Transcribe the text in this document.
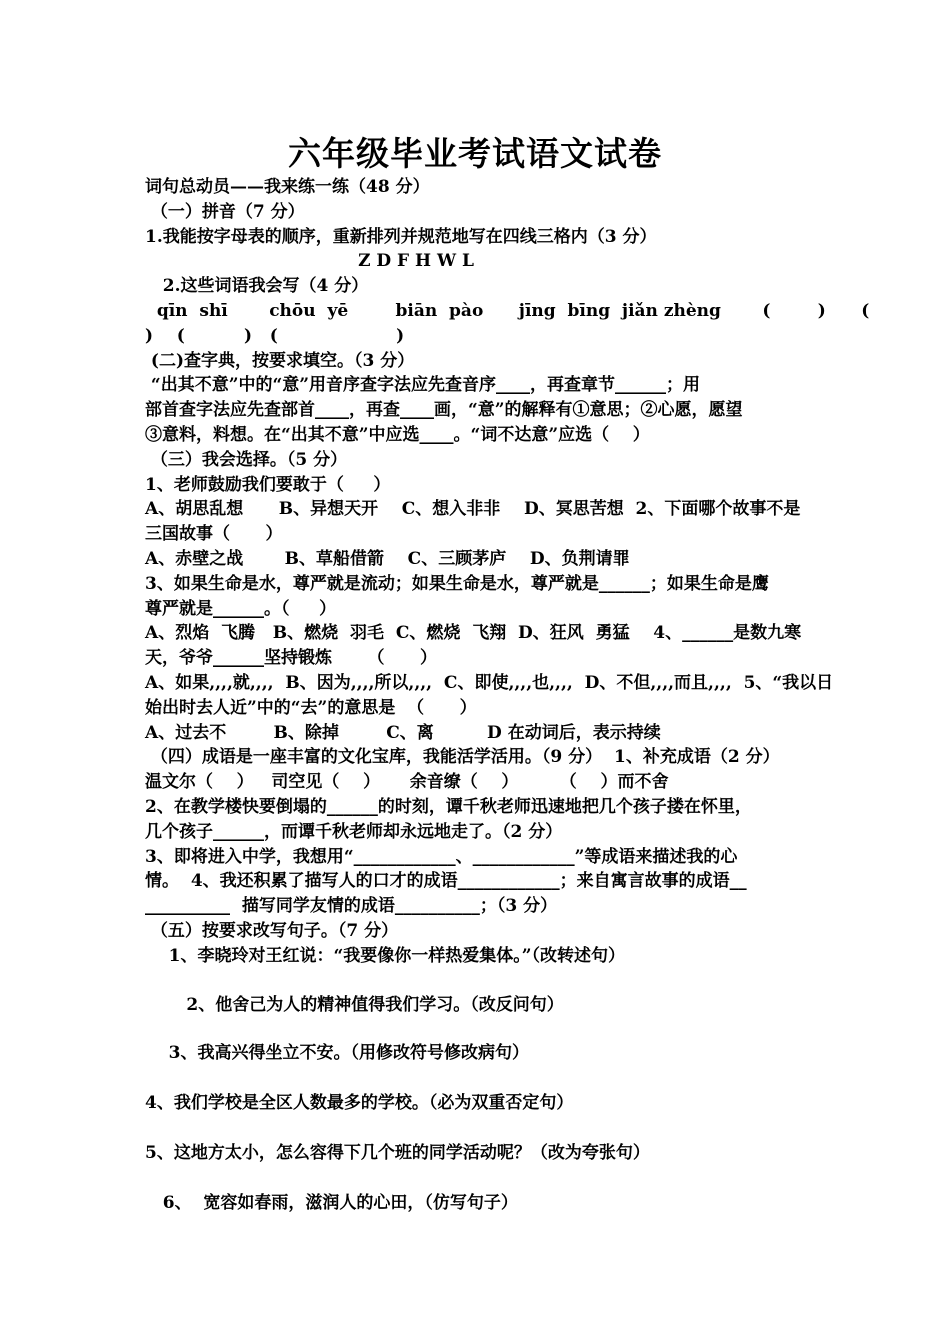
六年级毕业考试语文试卷
词句总动员——我来练一练（48 分）
（一）拼音（7 分）
1.我能按字母表的顺序，重新排列并规范地写在四线三格内（3 分）
Z D F H W L
2.这些词语我会写（4 分）
qīn  shī       chōu  yē        biān  pào      jīng  bīng  jiǎn zhèng       (        )      (
)    (          )   (                    )
(二)查字典，按要求填空。（3 分）
“出其不意”中的“意”用音序查字法应先查音序____，再查章节______；用
部首查字法应先查部首____，再查____画，“意”的解释有①意思；②心愿，愿望
③意料，料想。在“出其不意”中应选____。“词不达意”应选（    ）
（三）我会选择。（5 分）
1、老师鼓励我们要敢于（     ）
A、胡思乱想      B、异想天开    C、想入非非    D、冥思苦想  2、下面哪个故事不是
三国故事（      ）
A、赤壁之战       B、草船借箭    C、三顾茅庐    D、负荆请罪
3、如果生命是水，尊严就是流动；如果生命是水，尊严就是______；如果生命是鹰
尊严就是______。（     ）
A、烈焰  飞腾   B、燃烧  羽毛  C、燃烧  飞翔  D、狂风  勇猛    4、______是数九寒
天，爷爷______坚持锻炼      （      ）
A、如果,,,,就,,,,  B、因为,,,,所以,,,,  C、即使,,,,也,,,,  D、不但,,,,而且,,,,  5、“我以日
始出时去人近”中的“去”的意思是  （      ）
A、过去不        B、除掉        C、离         D 在动词后，表示持续
（四）成语是一座丰富的文化宝库，我能活学活用。（9 分）  1、补充成语（2 分）
温文尔（    ）   司空见（    ）     余音缭（    ）       （    ）而不舍
2、在教学楼快要倒塌的______的时刻，谭千秋老师迅速地把几个孩子搂在怀里，
几个孩子______，而谭千秋老师却永远地走了。（2 分）
3、即将进入中学，我想用“____________、____________”等成语来描述我的心
情。  4、我还积累了描写人的口才的成语____________；来自寓言故事的成语__
__________  描写同学友情的成语__________；（3 分）
（五）按要求改写句子。（7 分）
1、李晓玲对王红说：“我要像你一样热爱集体。”（改转述句）
2、他舍己为人的精神值得我们学习。（改反问句）
3、我高兴得坐立不安。（用修改符号修改病句）
4、我们学校是全区人数最多的学校。（必为双重否定句）
5、这地方太小，怎么容得下几个班的同学活动呢？（改为夸张句）
6、  宽容如春雨，滋润人的心田，（仿写句子）
